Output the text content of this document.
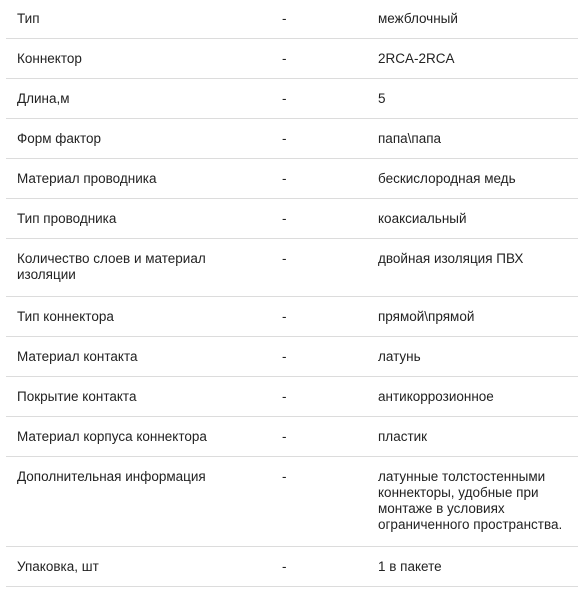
Тип	-	межблочный
Коннектор	-	2RCA-2RCA
Длина,м	-	5
Форм фактор	-	папа\папа
Материал проводника	-	бескислородная медь
Тип проводника	-	коаксиальный
Количество слоев и материал изоляции	-	двойная изоляция ПВХ
Тип коннектора	-	прямой\прямой
Материал контакта	-	латунь
Покрытие контакта	-	антикоррозионное
Материал корпуса коннектора	-	пластик
Дополнительная информация	-	латунные толстостенными коннекторы, удобные при монтаже в условиях ограниченного пространства.
Упаковка, шт	-	1 в пакете
